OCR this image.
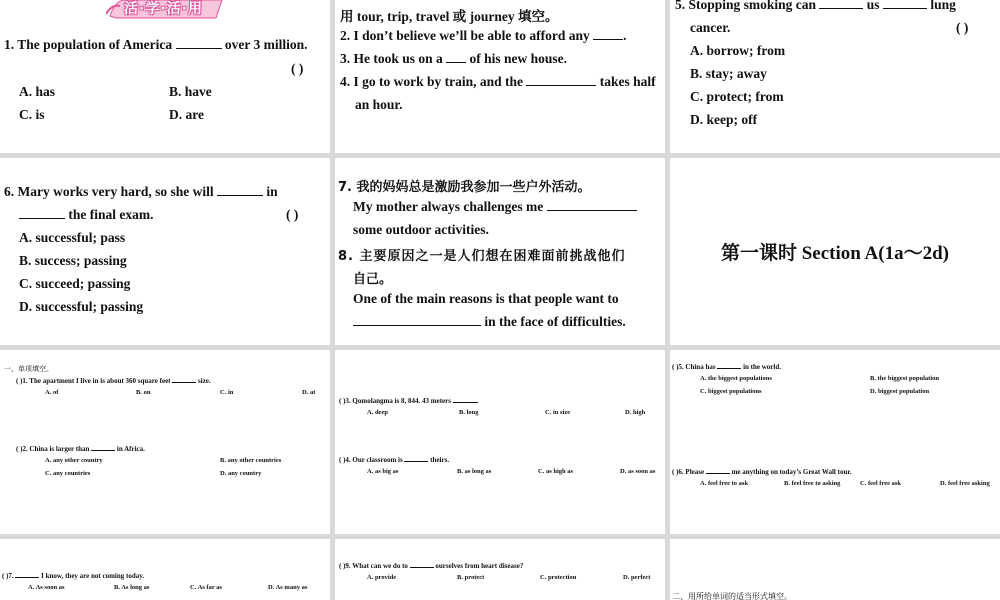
活·学·活·用
1. The population of America	over 3 million.
( )
A. has	B. have
C. is	D. are
用 tour, trip, travel 或 journey 填空。
2. I don’t believe we’ll be able to afford any .
3. He took us on a of his new house.
4. I go to work by train, and the	takes half
an hour.
5. Stopping smoking can	us	lung
cancer.	( )
A. borrow; from
B. stay; away
C. protect; from
D. keep; off
6. Mary works very hard, so she will	in
the final exam.	( )
A. successful; pass
B. success; passing
C. succeed; passing
D. successful; passing
7. 我的妈妈总是激励我参加一些户外活动。
My mother always challenges me
some outdoor activities.
8. 主要原因之一是人们想在困难面前挑战他们
自己。
One of the main reasons is that people want to
in the face of difficulties.
第一课时 Section A(1a～2d)
一、单项填空。
( )1. The apartment I live in is about 360 square feet	size.
A. of	B. on	C. in	D. at
( )2. China is larger than	in Africa.
A. any other country	B. any other countries
C. any countries	D. any country
( )3. Qomolangma is 8, 844. 43 meters	.
A. deep	B. long	C. in size	D. high
( )4. Our classroom is	theirs.
A. as big as	B. as long as	C. as high as	D. as soon as
( )5. China has	in the world.
A. the biggest populations	B. the biggest population
C. biggest populations	D. biggest population
( )6. Please	me anything on today’s Great Wall tour.
A. feel free to ask	B. feel free to asking	C. feel free ask	D. feel free asking
( )7.	I know, they are not coming today.
A. As soon as	B. As long as	C. As far as	D. As many as
( )9. What can we do to	ourselves from heart disease?
A. provide	B. protect	C. protection	D. perfect
二、用所给单词的适当形式填空。
